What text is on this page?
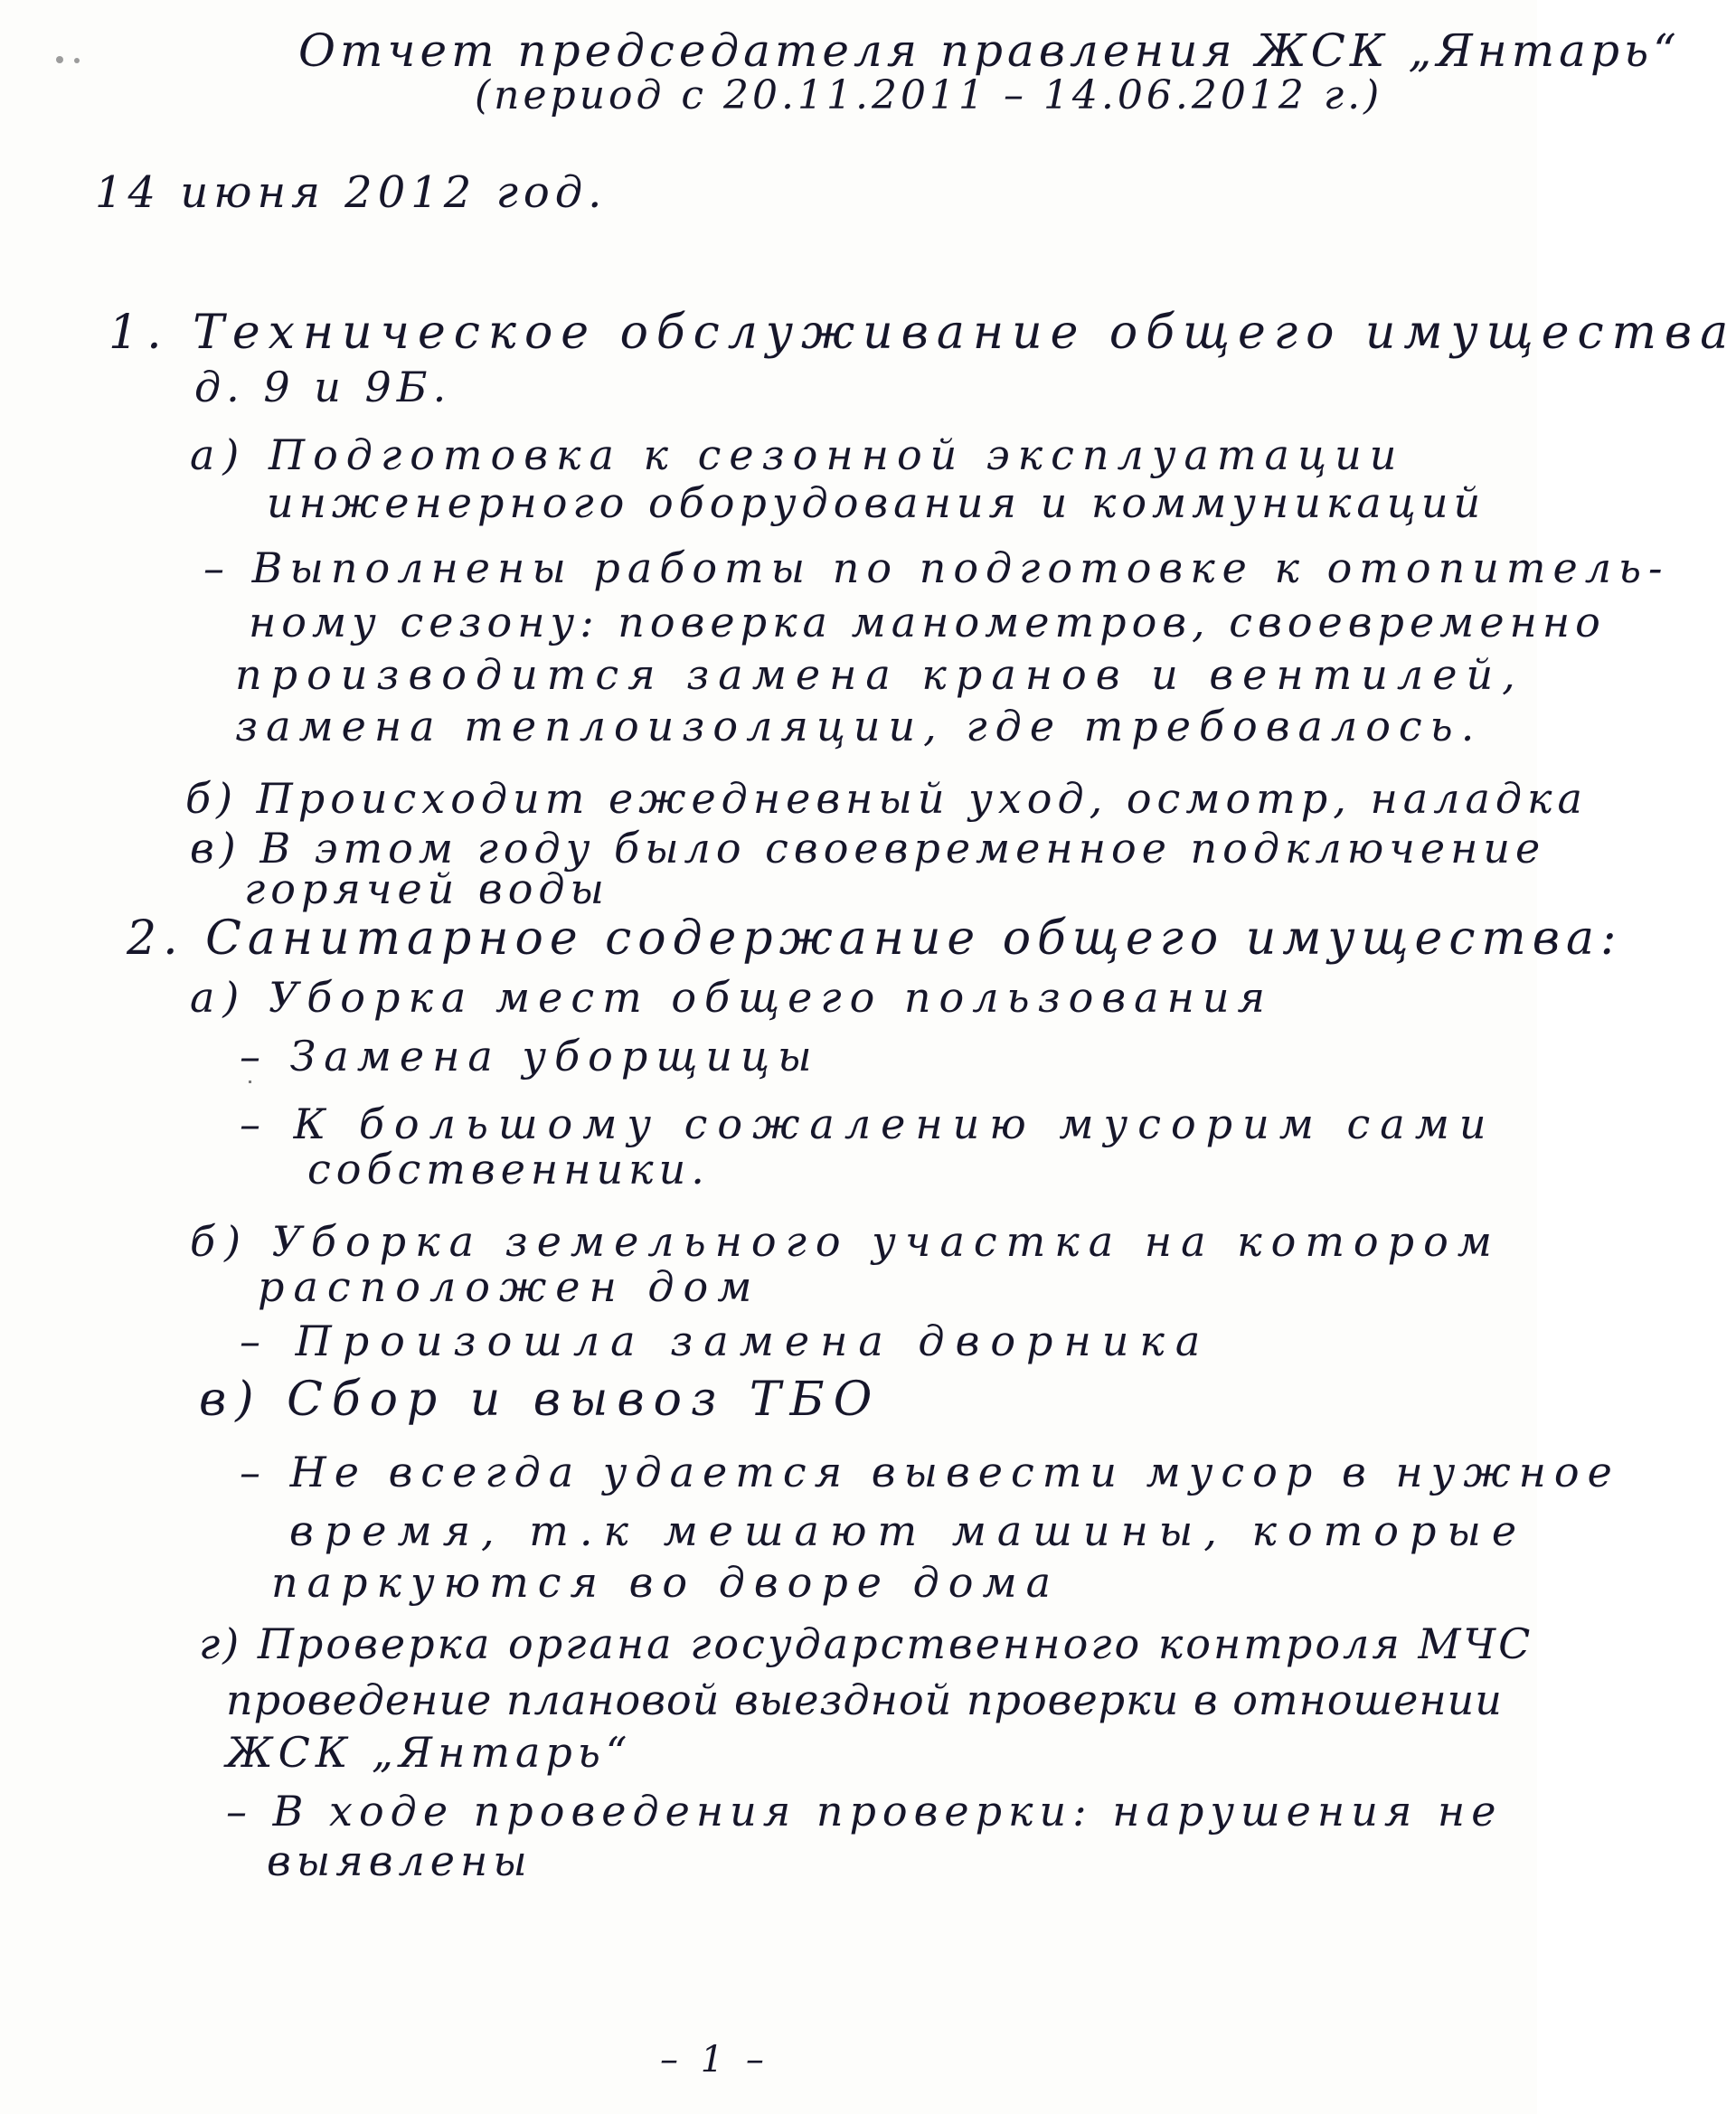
Отчет председателя правления ЖСК „Янтарь“
(период с 20.11.2011 – 14.06.2012 г.)
14 июня 2012 год.
1. Техническое обслуживание общего имущества
д. 9 и 9Б.
а) Подготовка к сезонной эксплуатации
инженерного оборудования и коммуникаций
– Выполнены работы по подготовке к отопитель-
ному сезону: поверка манометров, своевременно
производится замена кранов и вентилей,
замена теплоизоляции, где требовалось.
б) Происходит ежедневный уход, осмотр, наладка
в) В этом году было своевременное подключение
горячей воды
2. Санитарное содержание общего имущества:
а) Уборка мест общего пользования
– Замена уборщицы
– К большому сожалению мусорим сами
собственники.
б) Уборка земельного участка на котором
расположен дом
– Произошла замена дворника
в) Сбор и вывоз ТБО
– Не всегда удается вывести мусор в нужное
время, т.к мешают машины, которые
паркуются во дворе дома
г) Проверка органа государственного контроля МЧС
проведение плановой выездной проверки в отношении
ЖСК „Янтарь“
– В ходе проведения проверки: нарушения не
выявлены
– 1 –
